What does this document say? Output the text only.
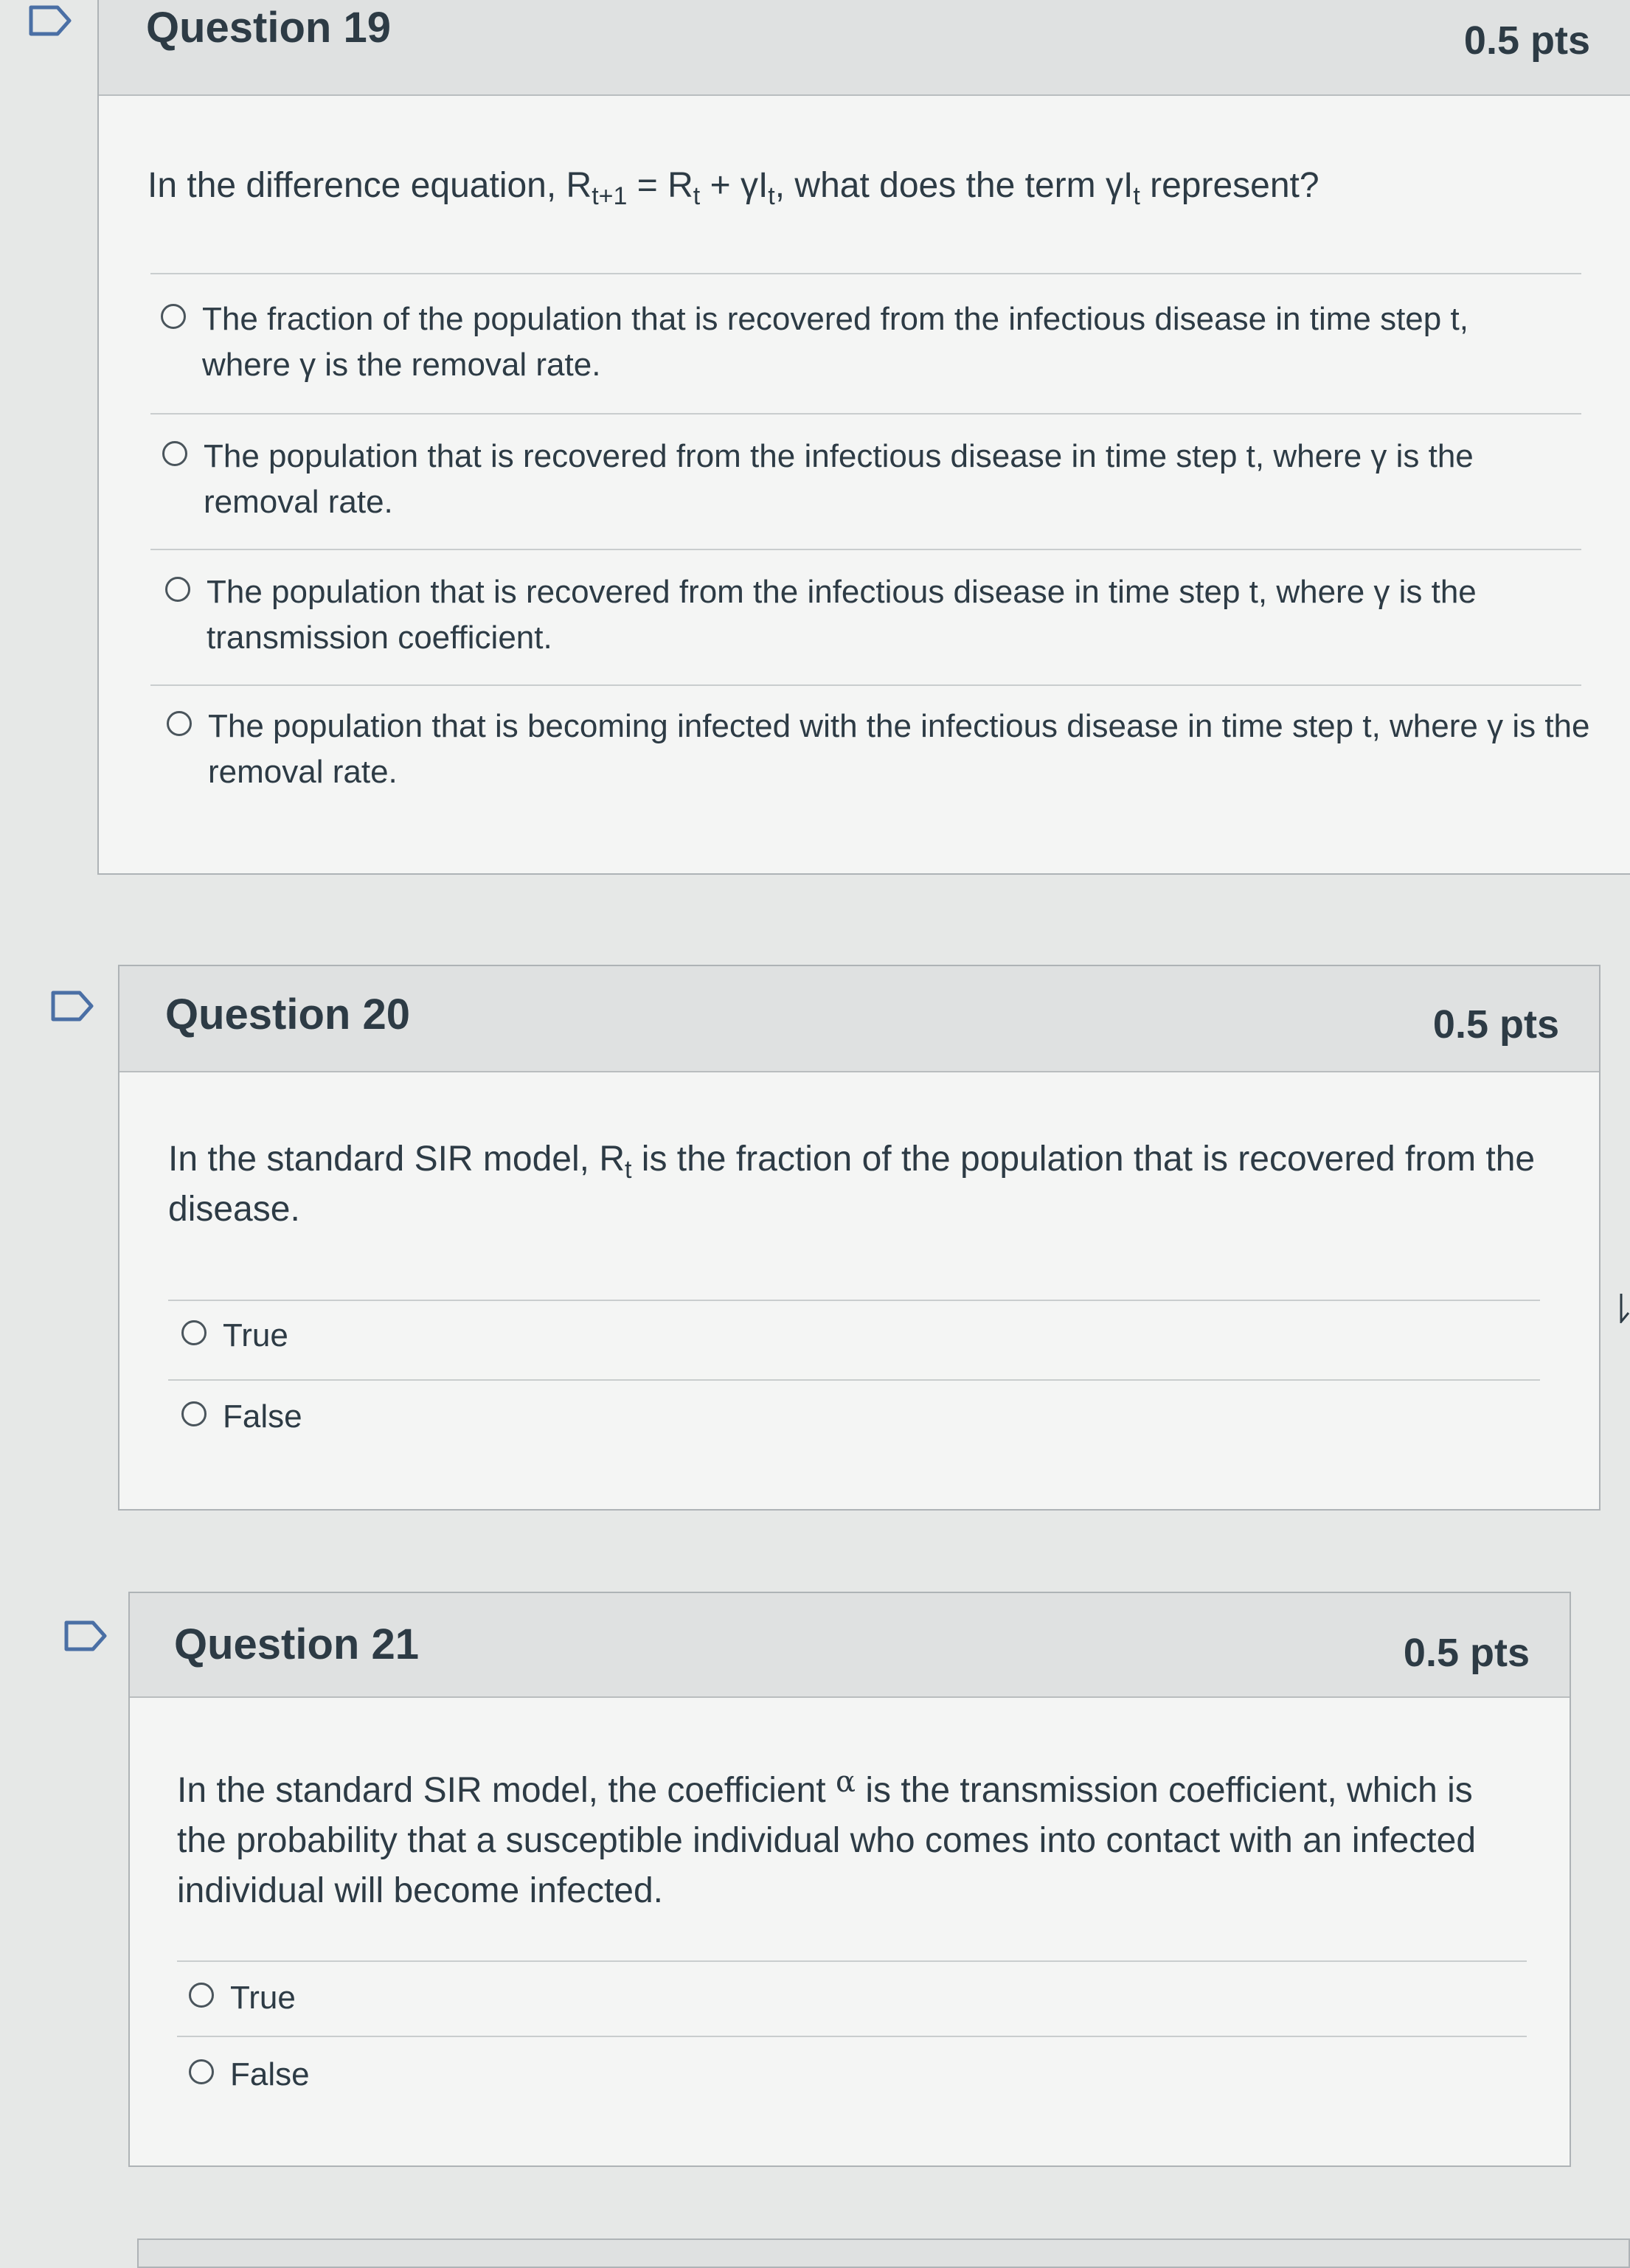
Question 19	0.5 pts
In the difference equation, $R_{t+1} = R_t + \gamma I_t$, what does the term $\gamma I_t$ represent?
The fraction of the population that is recovered from the infectious disease in time step t, where γ is the removal rate.
The population that is recovered from the infectious disease in time step t, where γ is the removal rate.
The population that is recovered from the infectious disease in time step t, where γ is the transmission coefficient.
The population that is becoming infected with the infectious disease in time step t, where γ is the removal rate.
Question 20	0.5 pts
In the standard SIR model, $R_t$ is the fraction of the population that is recovered from the disease.
True
False
Question 21	0.5 pts
In the standard SIR model, the coefficient $^\alpha$ is the transmission coefficient, which is the probability that a susceptible individual who comes into contact with an infected individual will become infected.
True
False
